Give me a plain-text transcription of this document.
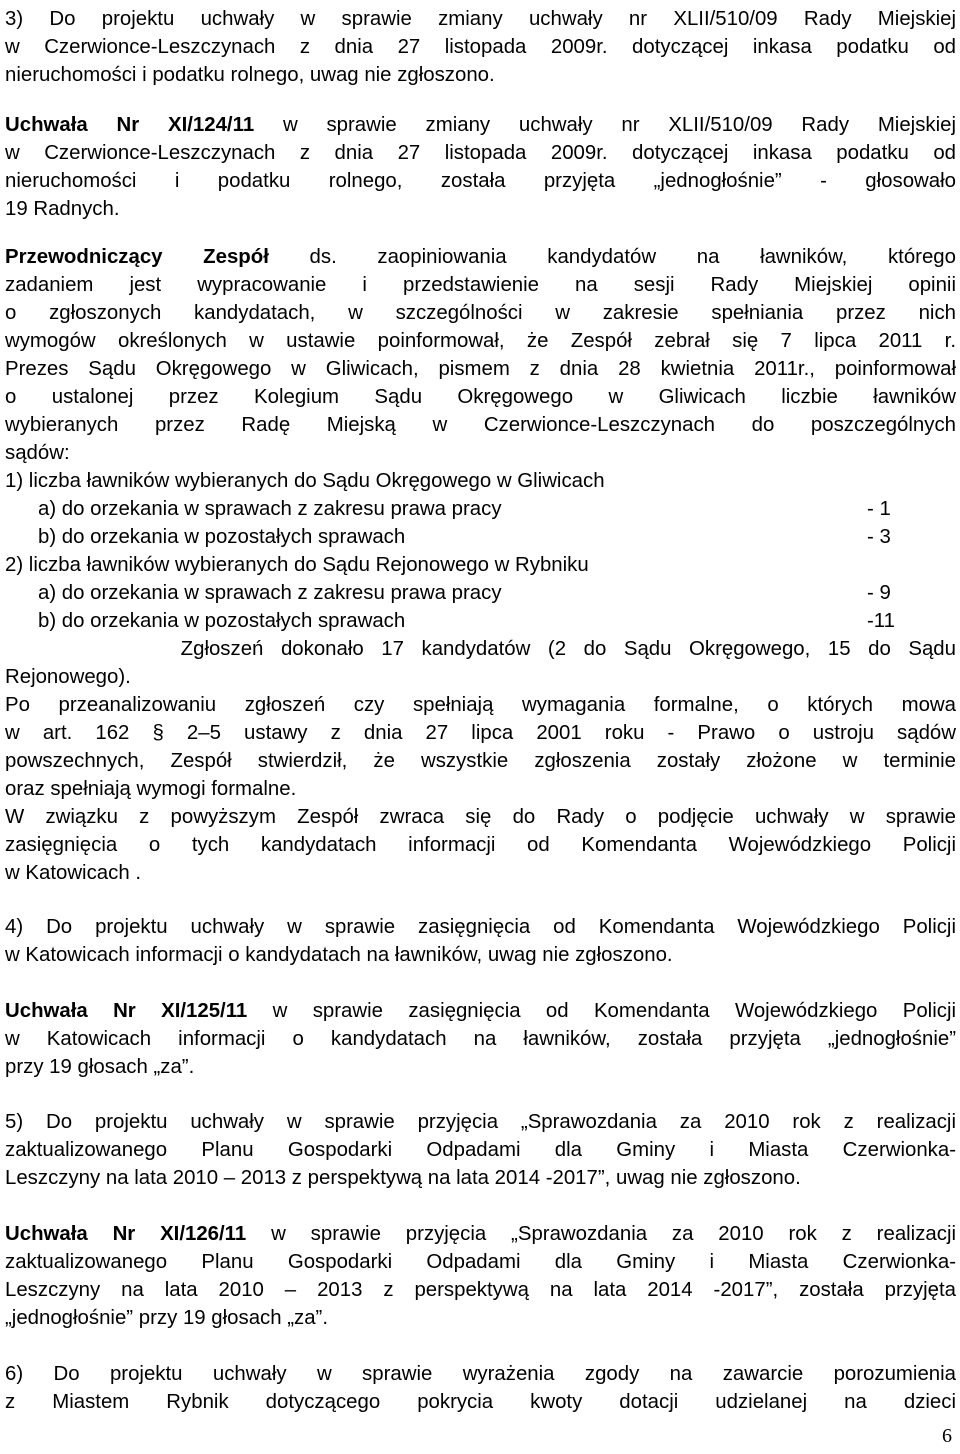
3) Do projektu uchwały w sprawie zmiany uchwały nr XLII/510/09 Rady Miejskiej
w Czerwionce-Leszczynach z dnia 27 listopada 2009r. dotyczącej inkasa podatku od
nieruchomości i podatku rolnego, uwag nie zgłoszono.
Uchwała Nr XI/124/11 w sprawie zmiany uchwały nr XLII/510/09 Rady Miejskiej
w Czerwionce-Leszczynach z dnia 27 listopada 2009r. dotyczącej inkasa podatku od
nieruchomości i podatku rolnego, została przyjęta „jednogłośnie” - głosowało
19 Radnych.
Przewodniczący Zespół ds. zaopiniowania kandydatów na ławników, którego
zadaniem jest wypracowanie i przedstawienie na sesji Rady Miejskiej opinii
o zgłoszonych kandydatach, w szczególności w zakresie spełniania przez nich
wymogów określonych w ustawie poinformował, że Zespół zebrał się 7 lipca 2011 r.
Prezes Sądu Okręgowego w Gliwicach, pismem z dnia 28 kwietnia 2011r., poinformował
o ustalonej przez Kolegium Sądu Okręgowego w Gliwicach liczbie ławników
wybieranych przez Radę Miejską w Czerwionce-Leszczynach do poszczególnych
sądów:
1) liczba ławników wybieranych do Sądu Okręgowego w Gliwicach
a) do orzekania w sprawach z zakresu prawa pracy	- 1
b) do orzekania w pozostałych sprawach	- 3
2) liczba ławników wybieranych do Sądu Rejonowego w Rybniku
a) do orzekania w sprawach z zakresu prawa pracy	- 9
b) do orzekania w pozostałych sprawach	-11
Zgłoszeń dokonało 17 kandydatów (2 do Sądu Okręgowego, 15 do Sądu
Rejonowego).
Po przeanalizowaniu zgłoszeń czy spełniają wymagania formalne, o których mowa
w art. 162 § 2–5 ustawy z dnia 27 lipca 2001 roku - Prawo o ustroju sądów
powszechnych, Zespół stwierdził, że wszystkie zgłoszenia zostały złożone w terminie
oraz spełniają wymogi formalne.
W związku z powyższym Zespół zwraca się do Rady o podjęcie uchwały w sprawie
zasięgnięcia o tych kandydatach informacji od Komendanta Wojewódzkiego Policji
w Katowicach .
4) Do projektu uchwały w sprawie zasięgnięcia od Komendanta Wojewódzkiego Policji
w Katowicach informacji o kandydatach na ławników, uwag nie zgłoszono.
Uchwała Nr XI/125/11 w sprawie zasięgnięcia od Komendanta Wojewódzkiego Policji
w Katowicach informacji o kandydatach na ławników, została przyjęta „jednogłośnie”
przy 19 głosach „za”.
5) Do projektu uchwały w sprawie przyjęcia „Sprawozdania za 2010 rok z realizacji
zaktualizowanego Planu Gospodarki Odpadami dla Gminy i Miasta Czerwionka-
Leszczyny na lata 2010 – 2013 z perspektywą na lata 2014 -2017”, uwag nie zgłoszono.
Uchwała Nr XI/126/11 w sprawie przyjęcia „Sprawozdania za 2010 rok z realizacji
zaktualizowanego Planu Gospodarki Odpadami dla Gminy i Miasta Czerwionka-
Leszczyny na lata 2010 – 2013 z perspektywą na lata 2014 -2017”, została przyjęta
„jednogłośnie” przy 19 głosach „za”.
6) Do projektu uchwały w sprawie wyrażenia zgody na zawarcie porozumienia
z Miastem Rybnik dotyczącego pokrycia kwoty dotacji udzielanej na dzieci
6
